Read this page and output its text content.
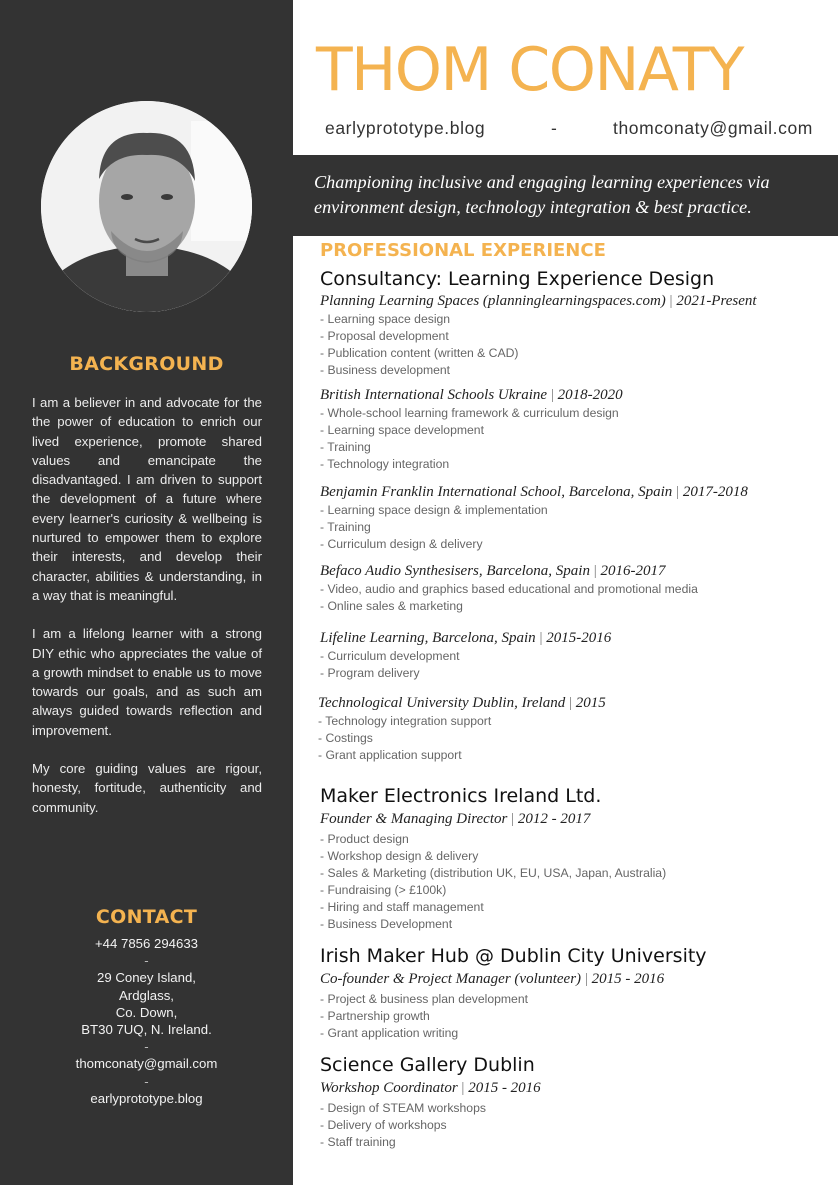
BACKGROUND

I am a believer in and advocate for the the power of education to enrich our lived experience, promote shared values and emancipate the disadvantaged. I am driven to support the development of a future where every learner's curiosity & wellbeing is nurtured to empower them to explore their interests, and develop their character, abilities & understanding, in a way that is meaningful.

I am a lifelong learner with a strong DIY ethic who appreciates the value of a growth mindset to enable us to move towards our goals, and as such am always guided towards reflection and improvement.

My core guiding values are rigour, honesty, fortitude, authenticity and community.

CONTACT
+44 7856 294633
-
29 Coney Island,
Ardglass,
Co. Down,
BT30 7UQ, N. Ireland.
-
thomconaty@gmail.com
-
earlyprototype.blog
THOM CONATY
earlyprototype.blog	-	thomconaty@gmail.com
Championing inclusive and engaging learning experiences via environment design, technology integration & best practice.
PROFESSIONAL EXPERIENCE
Consultancy: Learning Experience Design
Planning Learning Spaces (planninglearningspaces.com) | 2021-Present
- Learning space design
- Proposal development
- Publication content (written & CAD)
- Business development
British International Schools Ukraine | 2018-2020
- Whole-school learning framework & curriculum design
- Learning space development
- Training
- Technology integration
Benjamin Franklin International School, Barcelona, Spain | 2017-2018
- Learning space design & implementation
- Training
- Curriculum design & delivery
Befaco Audio Synthesisers, Barcelona, Spain | 2016-2017
- Video, audio and graphics based educational and promotional media
- Online sales & marketing
Lifeline Learning, Barcelona, Spain | 2015-2016
- Curriculum development
- Program delivery
Technological University Dublin, Ireland | 2015
- Technology integration support
- Costings
- Grant application support
Maker Electronics Ireland Ltd.
Founder & Managing Director | 2012 - 2017
- Product design
- Workshop design & delivery
- Sales & Marketing (distribution UK, EU, USA, Japan, Australia)
- Fundraising (> £100k)
- Hiring and staff management
- Business Development
Irish Maker Hub @ Dublin City University
Co-founder & Project Manager (volunteer) | 2015 - 2016
- Project & business plan development
- Partnership growth
- Grant application writing
Science Gallery Dublin
Workshop Coordinator | 2015 - 2016
- Design of STEAM workshops
- Delivery of workshops
- Staff training
